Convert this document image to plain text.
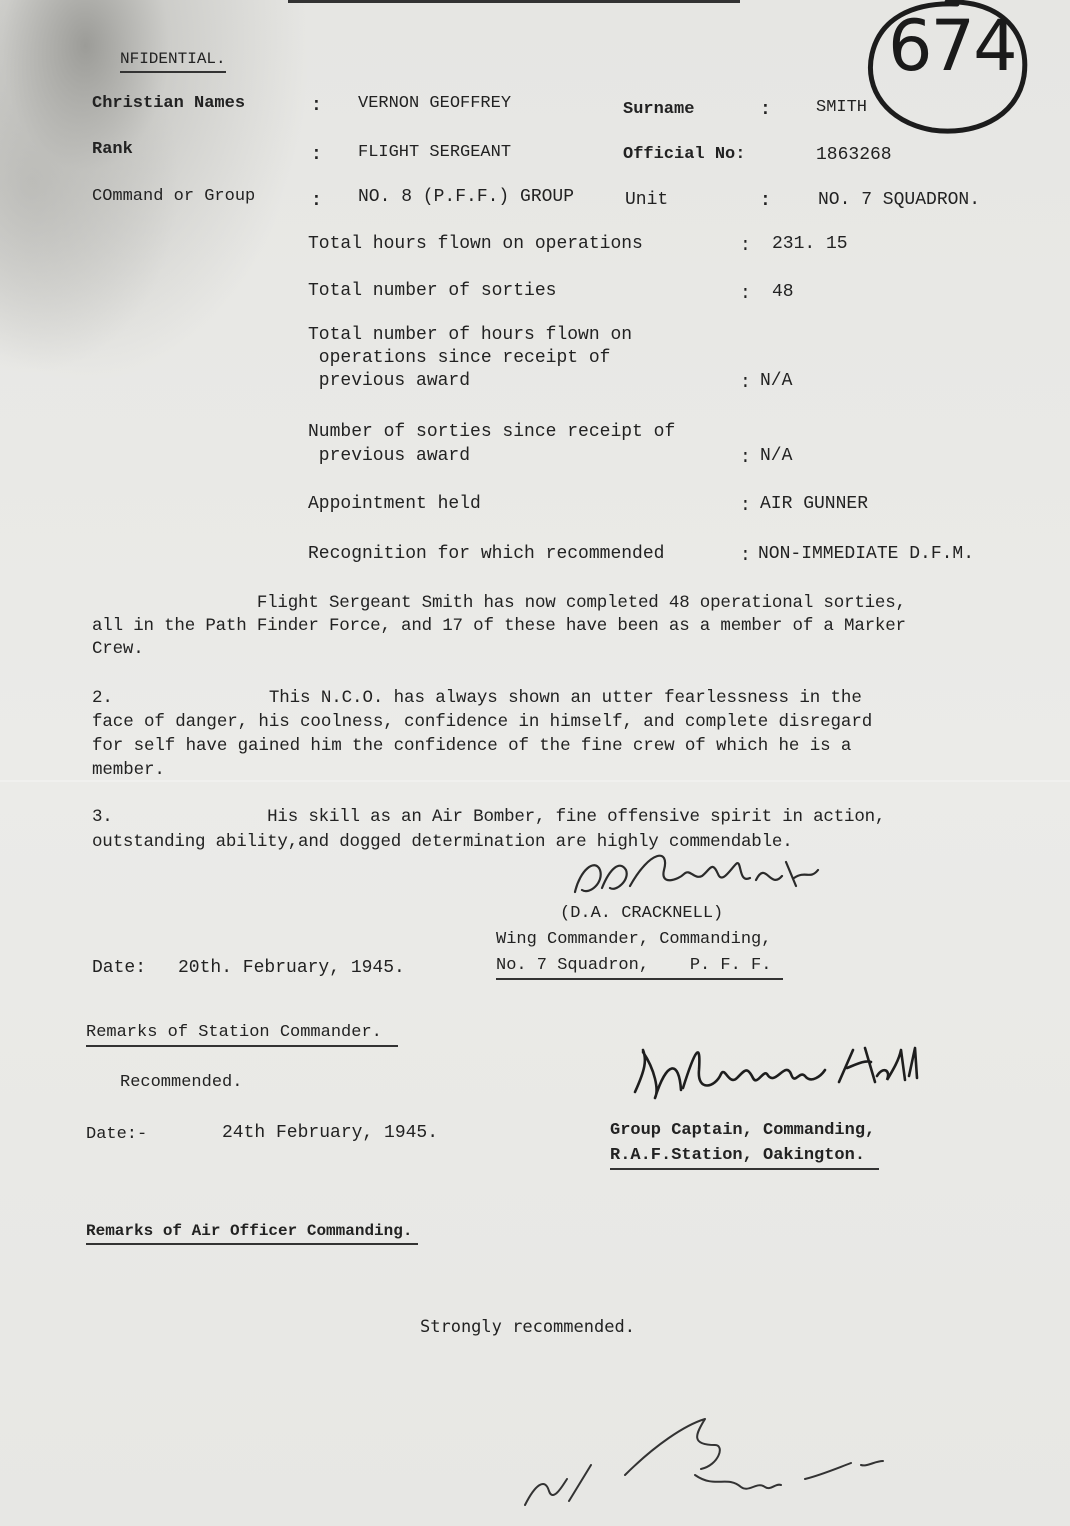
674
NFIDENTIAL.
Christian Names	: VERNON GEOFFREY	Surname	:	SMITH
Rank	: FLIGHT SERGEANT	Official No:	1863268
COmmand or Group	: NO. 8 (P.F.F.) GROUP	Unit	:	NO. 7 SQUADRON.
Total hours flown on operations	: 231. 15
Total number of sorties	: 48
Total number of hours flown on
operations since receipt of
previous award	: N/A
Number of sorties since receipt of
previous award	: N/A
Appointment held	: AIR GUNNER
Recognition for which recommended	: NON-IMMEDIATE D.F.M.
Flight Sergeant Smith has now completed 48 operational sorties,
all in the Path Finder Force, and 17 of these have been as a member of a Marker
Crew.
2.               This N.C.O. has always shown an utter fearlessness in the
face of danger, his coolness, confidence in himself, and complete disregard
for self have gained him the confidence of the fine crew of which he is a
member.
3.               His skill as an Air Bomber, fine offensive spirit in action,
outstanding ability,and dogged determination are highly commendable.
(D.A. CRACKNELL)
Wing Commander, Commanding,
No. 7 Squadron,    P. F. F.
Date: 20th. February, 1945.
Remarks of Station Commander.
Recommended.
Date:-	24th February, 1945.	Group Captain, Commanding,
R.A.F.Station, Oakington.
Remarks of Air Officer Commanding.
Strongly recommended.
